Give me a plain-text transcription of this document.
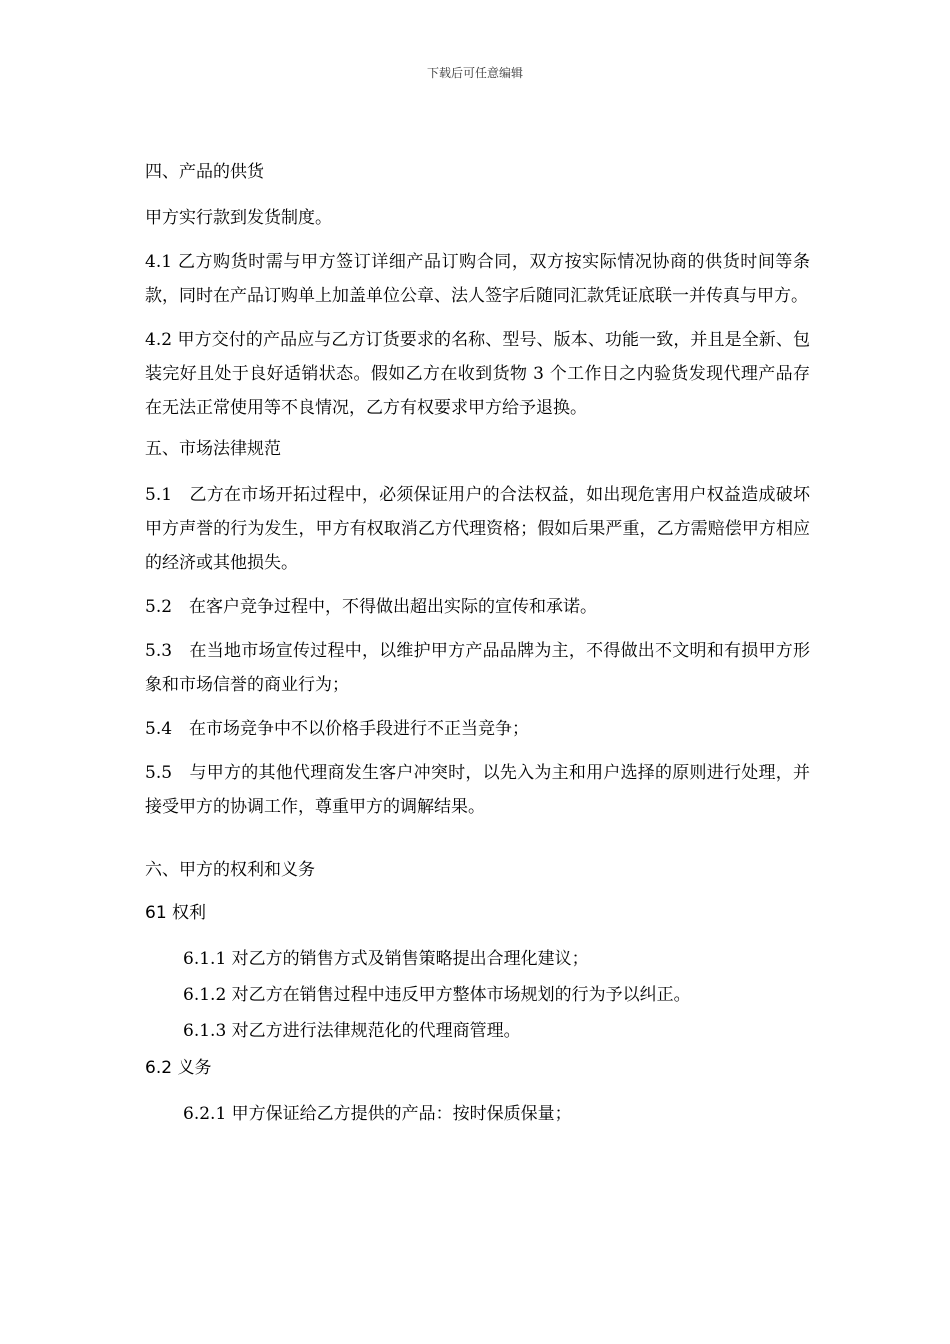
下载后可任意编辑
四、产品的供货
甲方实行款到发货制度。
4.1 乙方购货时需与甲方签订详细产品订购合同，双方按实际情况协商的供货时间等条款，同时在产品订购单上加盖单位公章、法人签字后随同汇款凭证底联一并传真与甲方。
4.2 甲方交付的产品应与乙方订货要求的名称、型号、版本、功能一致，并且是全新、包装完好且处于良好适销状态。假如乙方在收到货物 3 个工作日之内验货发现代理产品存在无法正常使用等不良情况，乙方有权要求甲方给予退换。
五、市场法律规范
5.1　乙方在市场开拓过程中，必须保证用户的合法权益，如出现危害用户权益造成破坏甲方声誉的行为发生，甲方有权取消乙方代理资格；假如后果严重，乙方需赔偿甲方相应的经济或其他损失。
5.2　在客户竞争过程中，不得做出超出实际的宣传和承诺。
5.3　在当地市场宣传过程中，以维护甲方产品品牌为主，不得做出不文明和有损甲方形象和市场信誉的商业行为；
5.4　在市场竞争中不以价格手段进行不正当竞争；
5.5　与甲方的其他代理商发生客户冲突时，以先入为主和用户选择的原则进行处理，并接受甲方的协调工作，尊重甲方的调解结果。
六、甲方的权利和义务
61 权利
6.1.1 对乙方的销售方式及销售策略提出合理化建议；
6.1.2 对乙方在销售过程中违反甲方整体市场规划的行为予以纠正。
6.1.3 对乙方进行法律规范化的代理商管理。
6.2 义务
6.2.1 甲方保证给乙方提供的产品：按时保质保量；
